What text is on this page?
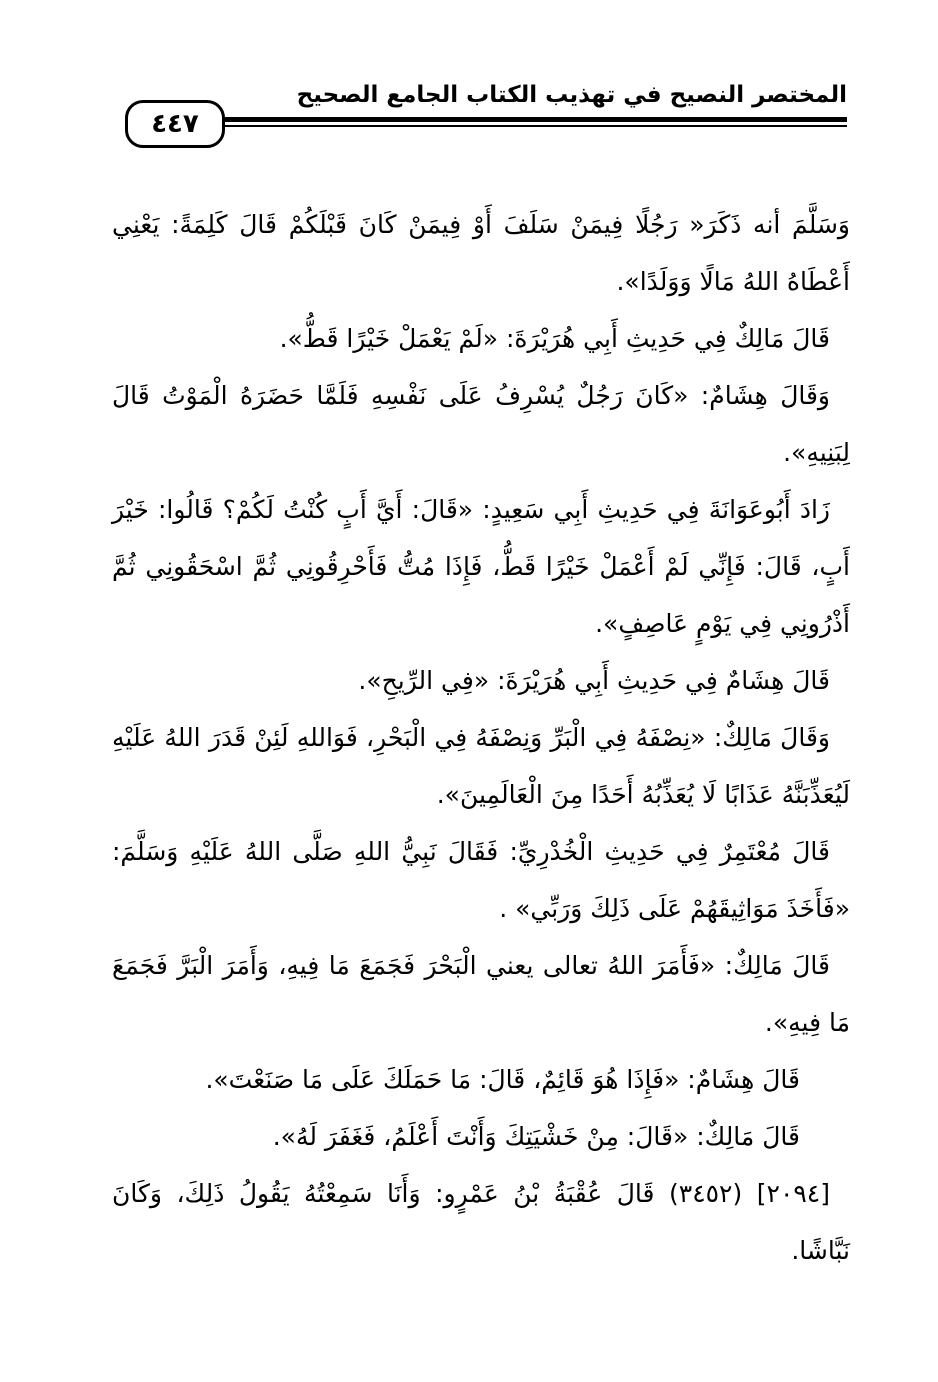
المختصر النصيح في تهذيب الكتاب الجامع الصحيح
٤٤٧

وَسَلَّمَ أنه ذَكَرَ« رَجُلًا فِيمَنْ سَلَفَ أَوْ فِيمَنْ كَانَ قَبْلَكُمْ قَالَ كَلِمَةً: يَعْنِي أَعْطَاهُ اللهُ مَالًا وَوَلَدًا».

قَالَ مَالِكٌ فِي حَدِيثِ أَبِي هُرَيْرَةَ: «لَمْ يَعْمَلْ خَيْرًا قَطُّ».

وَقَالَ هِشَامٌ: «كَانَ رَجُلٌ يُسْرِفُ عَلَى نَفْسِهِ فَلَمَّا حَضَرَهُ الْمَوْتُ قَالَ لِبَنِيهِ».

زَادَ أَبُوعَوَانَةَ فِي حَدِيثِ أَبِي سَعِيدٍ: «قَالَ: أَيَّ أَبٍ كُنْتُ لَكُمْ؟ قَالُوا: خَيْرَ أَبٍ، قَالَ: فَإِنِّي لَمْ أَعْمَلْ خَيْرًا قَطُّ، فَإِذَا مُتُّ فَأَحْرِقُونِي ثُمَّ اسْحَقُونِي ثُمَّ أَذْرُونِي فِي يَوْمٍ عَاصِفٍ».

قَالَ هِشَامٌ فِي حَدِيثِ أَبِي هُرَيْرَةَ: «فِي الرِّيحِ».

وَقَالَ مَالِكٌ: «نِصْفَهُ فِي الْبَرِّ وَنِصْفَهُ فِي الْبَحْرِ، فَوَاللهِ لَئِنْ قَدَرَ اللهُ عَلَيْهِ لَيُعَذِّبَنَّهُ عَذَابًا لَا يُعَذِّبُهُ أَحَدًا مِنَ الْعَالَمِينَ».

قَالَ مُعْتَمِرٌ فِي حَدِيثِ الْخُدْرِيِّ: فَقَالَ نَبِيُّ اللهِ صَلَّى اللهُ عَلَيْهِ وَسَلَّمَ: «فَأَخَذَ مَوَاثِيقَهُمْ عَلَى ذَلِكَ وَرَبِّي» .

قَالَ مَالِكٌ: «فَأَمَرَ اللهُ تعالى يعني الْبَحْرَ فَجَمَعَ مَا فِيهِ، وَأَمَرَ الْبَرَّ فَجَمَعَ مَا فِيهِ».

قَالَ هِشَامٌ: «فَإِذَا هُوَ قَائِمٌ، قَالَ: مَا حَمَلَكَ عَلَى مَا صَنَعْتَ».

قَالَ مَالِكٌ: «قَالَ: مِنْ خَشْيَتِكَ وَأَنْتَ أَعْلَمُ، فَغَفَرَ لَهُ».

[٢٠٩٤] (٣٤٥٢) قَالَ عُقْبَةُ بْنُ عَمْرٍو: وَأَنَا سَمِعْتُهُ يَقُولُ ذَلِكَ، وَكَانَ نَبَّاشًا.
